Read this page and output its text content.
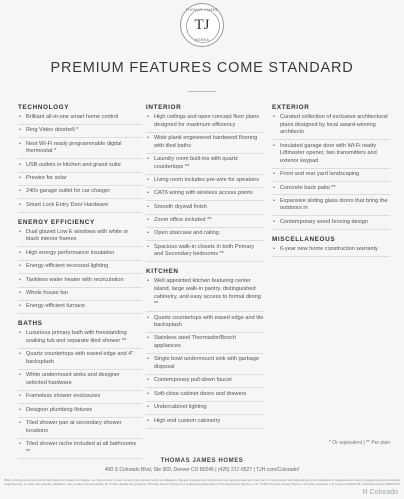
THOMAS JAMES
TJ
HOMES
PREMIUM FEATURES COME STANDARD
TECHNOLOGY
• Brilliant all-in-one smart home control
• Ring Video doorbell *
• Nest Wi-Fi ready programmable digital thermostat *
• USB outlets in kitchen and grand suite
• Prewire for solar
• 240v garage outlet for car charger
• Smart Lock Entry Door Hardware
ENERGY EFFICIENCY
• Dual glazed Low E windows with white or black interior frames
• High energy performance insulation
• Energy-efficient recessed lighting
• Tankless water heater with recirculation
• Whole house fan
• Energy-efficient furnace
BATHS
• Luxurious primary bath with freestanding soaking tub and separate tiled shower **
• Quartz countertops with eased edge and 4" backsplash
• White undermount sinks and designer selected hardware
• Frameless shower enclosures
• Designer plumbing fixtures
• Tiled shower pan at secondary shower locations
• Tiled shower niche included at all bathrooms **
INTERIOR
• High ceilings and open concept floor plans designed for maximum efficiency
• Wide plank engineered hardwood flooring with tiled baths
• Laundry room built-ins with quartz countertops **
• Living room includes pre-wire for speakers
• CAT6 wiring with wireless access points
• Smooth drywall finish
• Zoom office included **
• Open staircase and railing
• Spacious walk-in closets in both Primary and Secondary bedrooms **
KITCHEN
• Well appointed kitchen featuring center island, large walk-in pantry, distinguished cabinetry, and easy access to formal dining **
• Quartz countertops with eased edge and tile backsplash
• Stainless steel Thermador/Bosch appliances
• Single bowl undermount sink with garbage disposal
• Contemporary pull-down faucet
• Soft-close cabinet doors and drawers
• Undercabinet lighting
• High end custom cabinetry
EXTERIOR
• Curated collection of exclusive architectural plans designed by local award-winning architects
• Insulated garage door with Wi-Fi ready Liftmaster opener, two transmitters and exterior keypad
• Front and rear yard landscaping
• Concrete back patio **
• Expansive sliding glass doors that bring the outdoors in
• Contemporary wood fencing design
MISCELLANEOUS
• 6-year new home construction warranty
* Or equivalent | ** Per plan
THOMAS JAMES HOMES
400 S Colorado Blvd, Ste 360, Denver CO 80246 | (425) 217-0527 | TJH.com/Colorado/
Plans, pricing, and community information is subject to change, so Homes prior to sale, at any time without notice or obligation. Square footages and dimensions are approximate and may vary in construction and depending on the standard of measurement used, engineering and municipal requirements, or other site-specific variations. See a sales representative for further details and property. Thomas James Homes is a registered trademark of Thomas James Homes, LLC. ©2023 Thomas James Homes. All rights reserved. CO License #0002745; Colorado license #0002745
R Colorado
